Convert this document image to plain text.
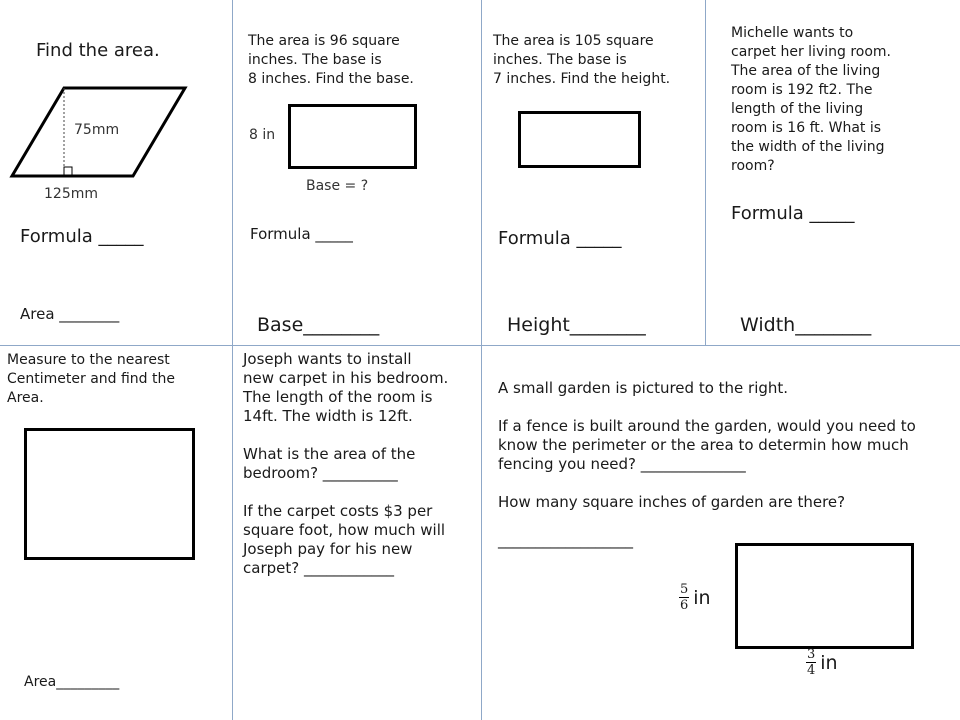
Find the area.
75mm
125mm
Formula _____
Area ________
The area is 96 square
inches. The base is
8 inches. Find the base.
8 in
Base = ?
Formula _____
Base________
The area is 105 square
inches. The base is
7 inches. Find the height.
Formula _____
Height________
Michelle wants to
carpet her living room.
The area of the living
room is 192 ft2. The
length of the living
room is 16 ft. What is
the width of the living
room?
Formula _____
Width________
Measure to the nearest
Centimeter and find the
Area.
Area_________
Joseph wants to install
new carpet in his bedroom.
The length of the room is
14ft. The width is 12ft.
What is the area of the
bedroom? __________
If the carpet costs $3 per
square foot, how much will
Joseph pay for his new
carpet? ____________
A small garden is pictured to the right.
If a fence is built around the garden, would you need to
know the perimeter or the area to determin how much
fencing you need? ______________
How many square inches of garden are there?
__________________
$\frac{5}{6}$ in
$\frac{3}{4}$ in
